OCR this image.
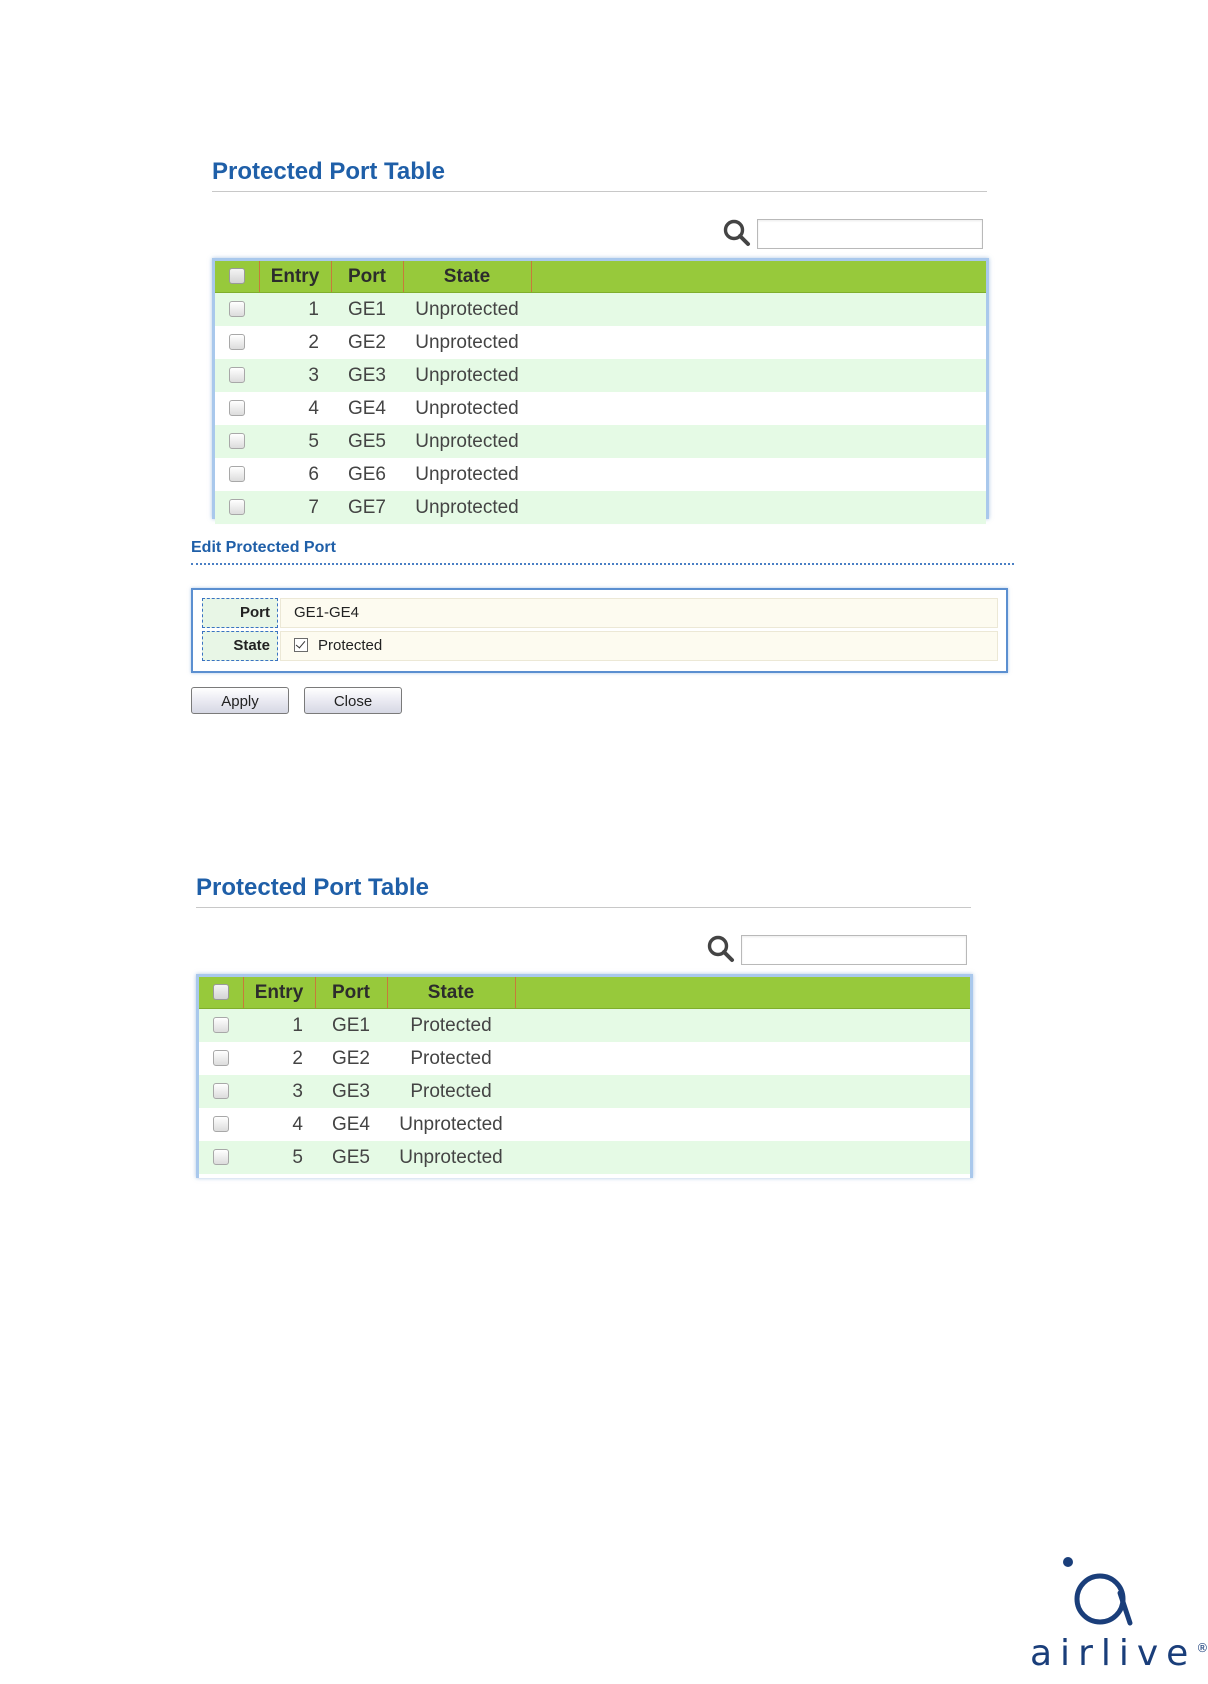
Protected Port Table
	Entry	Port	State	
	1	GE1	Unprotected	
	2	GE2	Unprotected	
	3	GE3	Unprotected	
	4	GE4	Unprotected	
	5	GE5	Unprotected	
	6	GE6	Unprotected	
	7	GE7	Unprotected	
Edit Protected Port
Port	GE1-GE4
State	Protected
Apply	Close
Protected Port Table
	Entry	Port	State	
	1	GE1	Protected	
	2	GE2	Protected	
	3	GE3	Protected	
	4	GE4	Unprotected	
	5	GE5	Unprotected	
airlive®
